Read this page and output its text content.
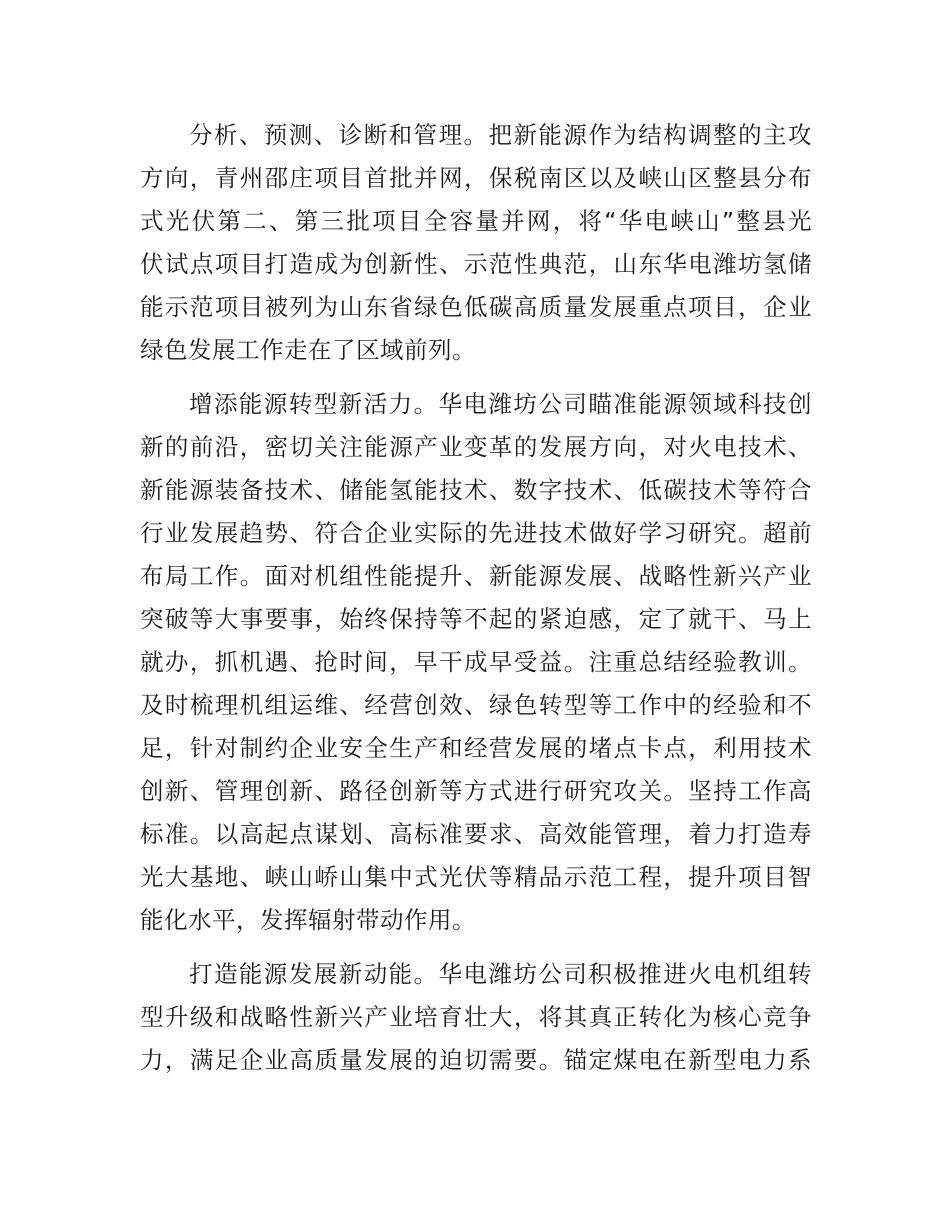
分析、预测、诊断和管理。把新能源作为结构调整的主攻
方向，青州邵庄项目首批并网，保税南区以及峡山区整县分布
式光伏第二、第三批项目全容量并网，将“华电峡山”整县光
伏试点项目打造成为创新性、示范性典范，山东华电潍坊氢储
能示范项目被列为山东省绿色低碳高质量发展重点项目，企业
绿色发展工作走在了区域前列。
增添能源转型新活力。华电潍坊公司瞄准能源领域科技创
新的前沿，密切关注能源产业变革的发展方向，对火电技术、
新能源装备技术、储能氢能技术、数字技术、低碳技术等符合
行业发展趋势、符合企业实际的先进技术做好学习研究。超前
布局工作。面对机组性能提升、新能源发展、战略性新兴产业
突破等大事要事，始终保持等不起的紧迫感，定了就干、马上
就办，抓机遇、抢时间，早干成早受益。注重总结经验教训。
及时梳理机组运维、经营创效、绿色转型等工作中的经验和不
足，针对制约企业安全生产和经营发展的堵点卡点，利用技术
创新、管理创新、路径创新等方式进行研究攻关。坚持工作高
标准。以高起点谋划、高标准要求、高效能管理，着力打造寿
光大基地、峡山峤山集中式光伏等精品示范工程，提升项目智
能化水平，发挥辐射带动作用。
打造能源发展新动能。华电潍坊公司积极推进火电机组转
型升级和战略性新兴产业培育壮大，将其真正转化为核心竞争
力，满足企业高质量发展的迫切需要。锚定煤电在新型电力系
